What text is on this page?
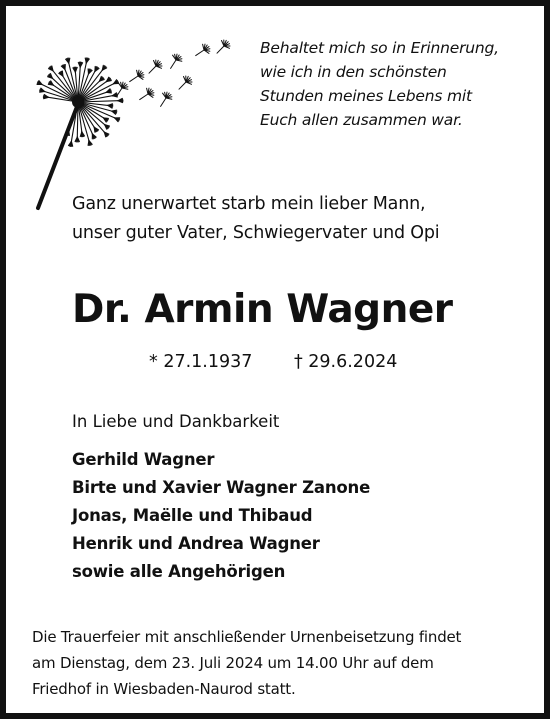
Behaltet mich so in Erinnerung,
wie ich in den schönsten
Stunden meines Lebens mit
Euch allen zusammen war.
Ganz unerwartet starb mein lieber Mann,
unser guter Vater, Schwiegervater und Opi
Dr. Armin Wagner
* 27.1.1937 † 29.6.2024
In Liebe und Dankbarkeit
Gerhild Wagner
Birte und Xavier Wagner Zanone
Jonas, Maëlle und Thibaud
Henrik und Andrea Wagner
sowie alle Angehörigen
Die Trauerfeier mit anschließender Urnenbeisetzung findet
am Dienstag, dem 23. Juli 2024 um 14.00 Uhr auf dem
Friedhof in Wiesbaden-Naurod statt.
